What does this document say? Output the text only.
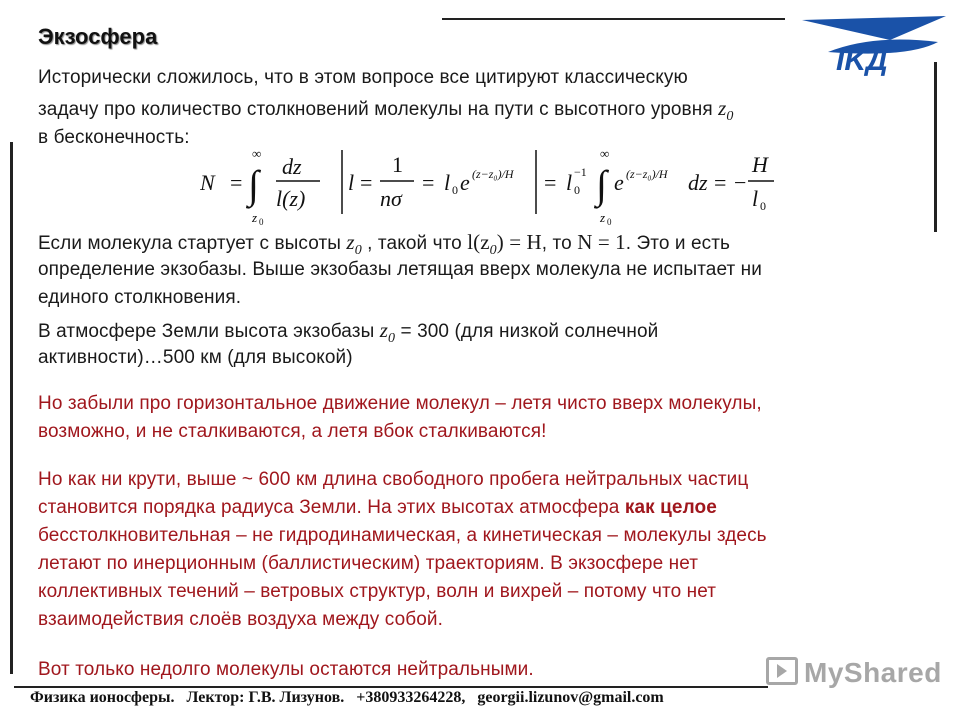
IKД
Экзосфера
Исторически сложилось, что в этом вопросе все цитируют классическую
задачу про количество столкновений молекулы на пути с высотного уровня $z_0$
в бесконечность:
N =
∞
∫
z 0
dz
l(z)
l =
1
nσ
= l 0 e (z−z₀)/H = l 0
−1
∞
∫
z 0
e (z−z₀)/H dz = −
H
l 0
Если молекула стартует с высоты $z_0$ , такой что $l(z_0) = H$, то N = 1. Это и есть
определение экзобазы. Выше экзобазы летящая вверх молекула не испытает ни
единого столкновения.
В атмосфере Земли высота экзобазы $z_0 = 300$ (для низкой солнечной
активности)…500 км (для высокой)
Но забыли про горизонтальное движение молекул – летя чисто вверх молекулы,
возможно, и не сталкиваются, а летя вбок сталкиваются!
Но как ни крути, выше ~ 600 км длина свободного пробега нейтральных частиц
становится порядка радиуса Земли. На этих высотах атмосфера как целое
бесстолкновительная – не гидродинамическая, а кинетическая – молекулы здесь
летают по инерционным (баллистическим) траекториям. В экзосфере нет
коллективных течений – ветровых структур, волн и вихрей – потому что нет
взаимодействия слоёв воздуха между собой.
Вот только недолго молекулы остаются нейтральными.	MyShared
Физика ионосферы.   Лектор: Г.В. Лизунов.   +380933264228,   georgii.lizunov@gmail.com
